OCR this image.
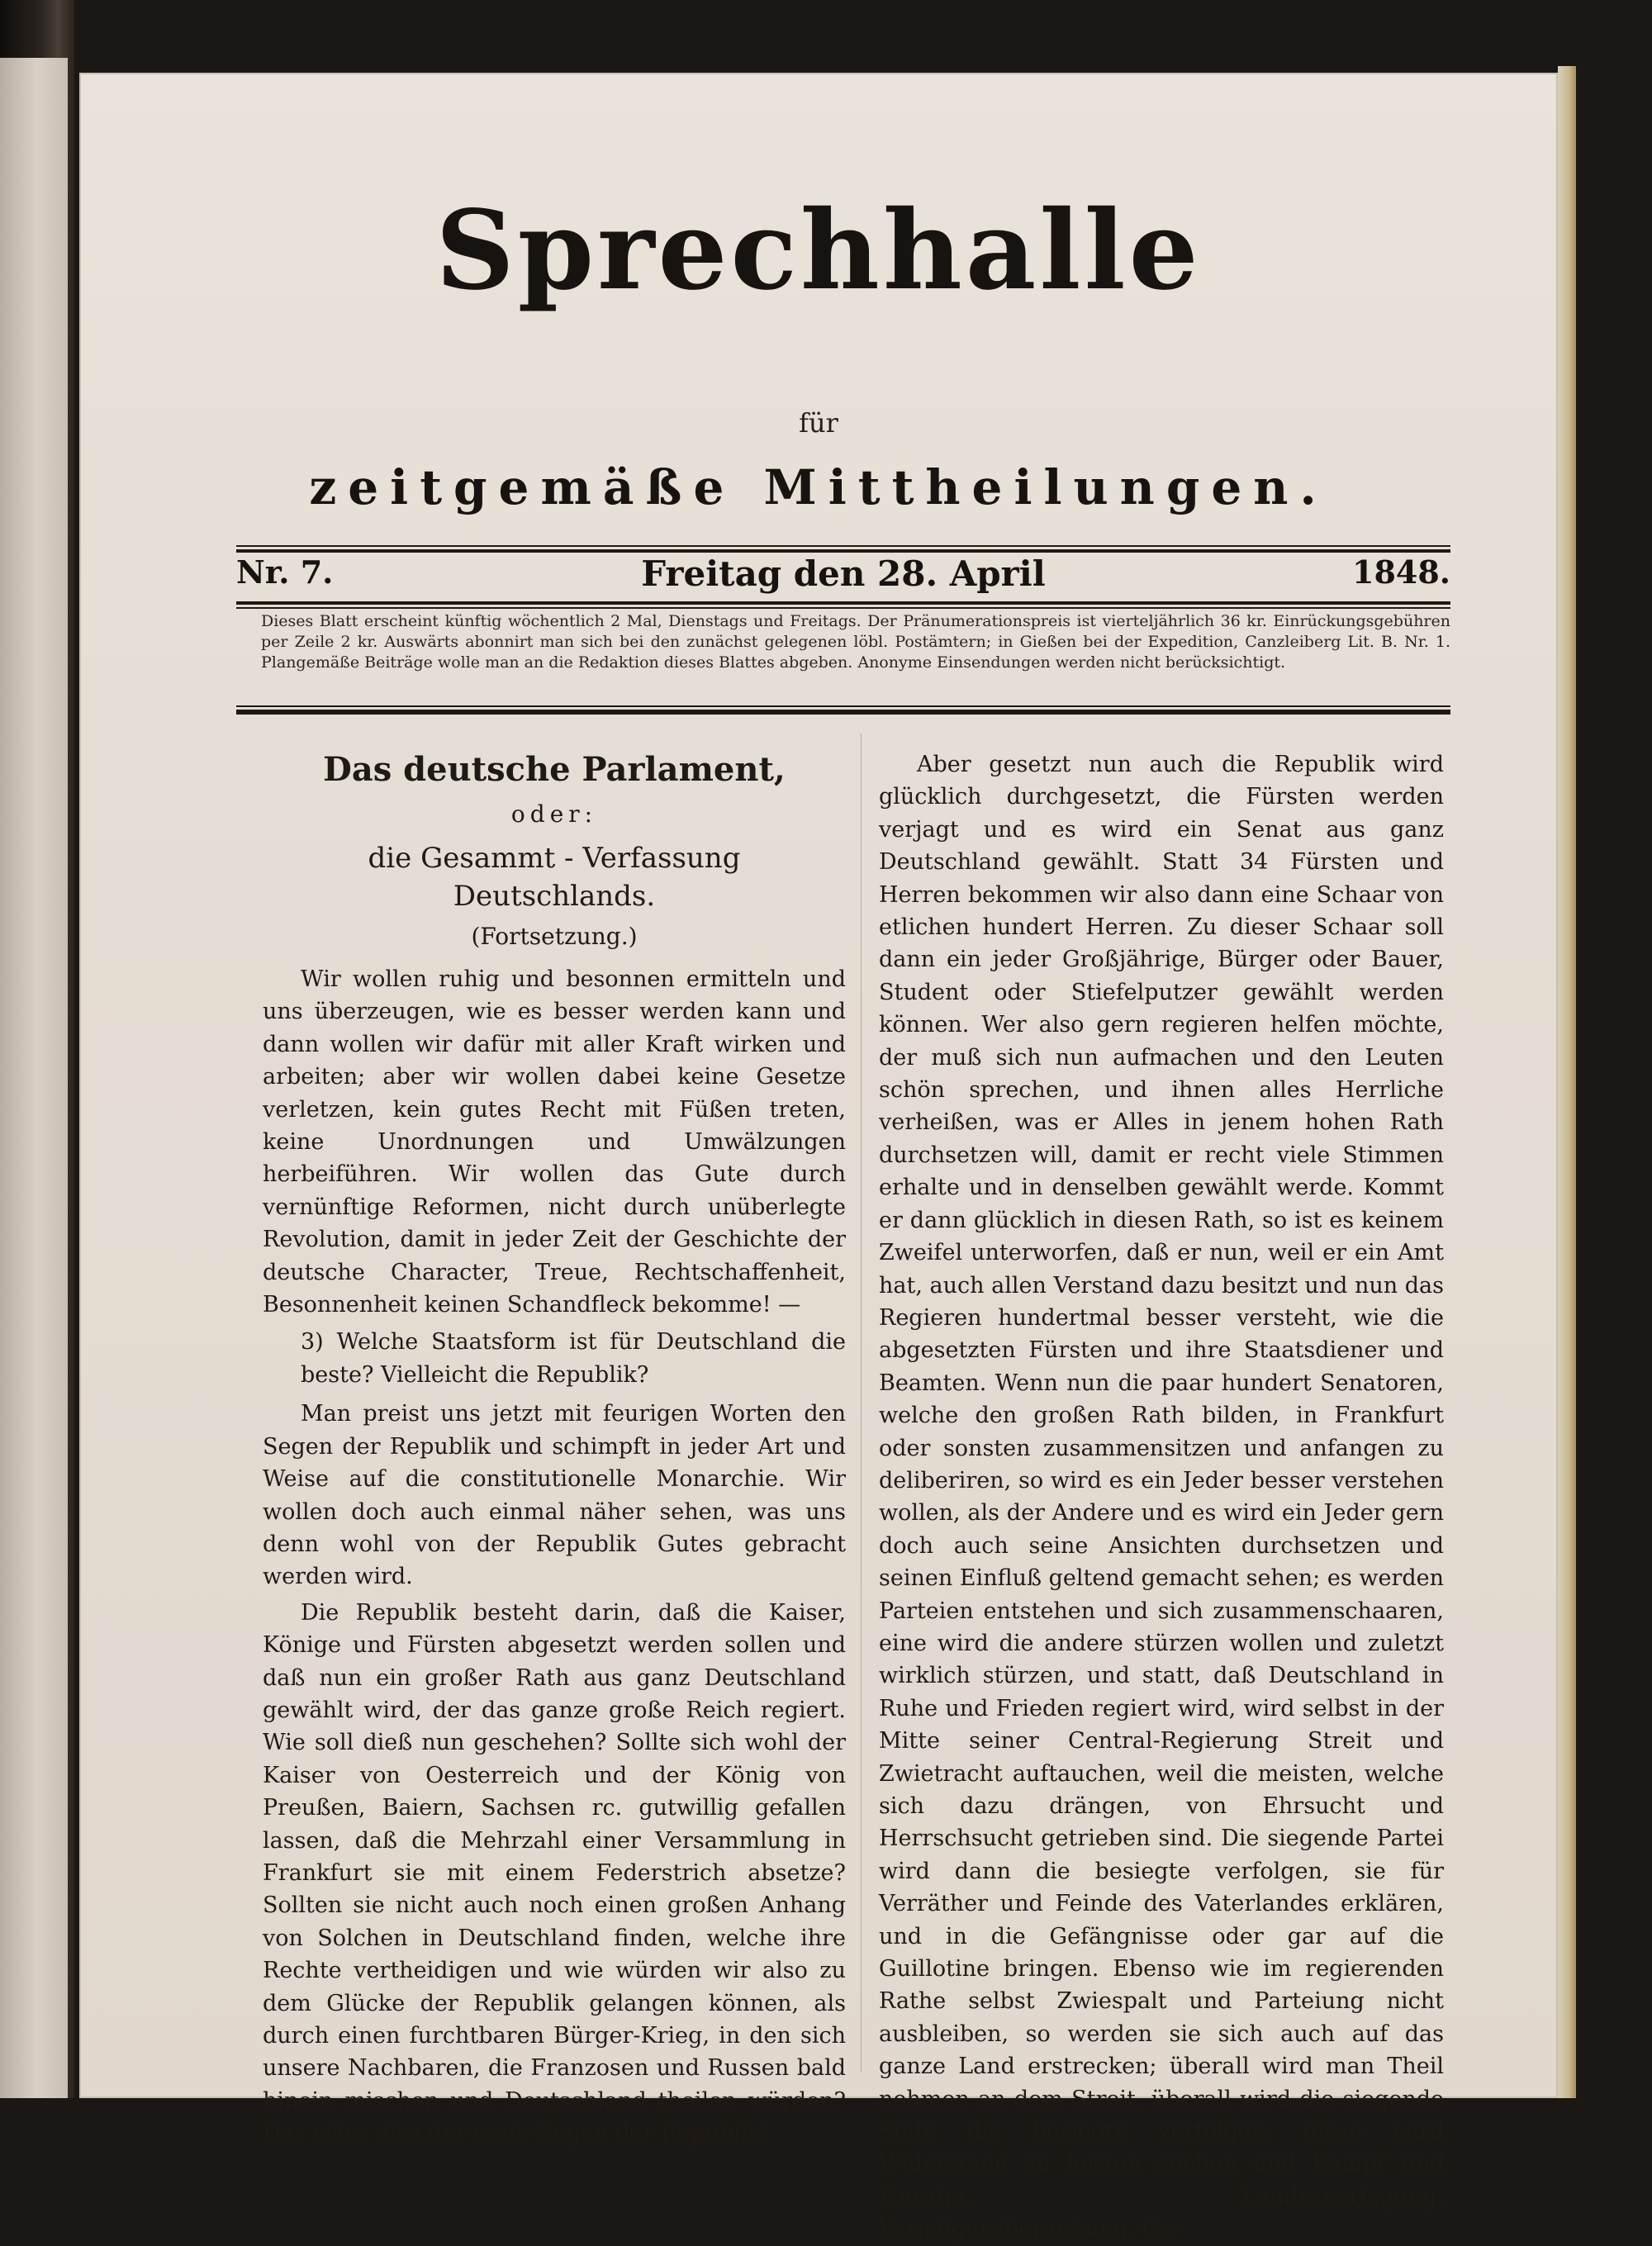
Sprechhalle
für
zeitgemäße Mittheilungen.
Nr. 7.	Freitag den 28. April	1848.
Dieses Blatt erscheint künftig wöchentlich 2 Mal, Dienstags und Freitags. Der Pränumerationspreis ist vierteljährlich 36 kr. Einrückungsgebühren per Zeile 2 kr. Auswärts abonnirt man sich bei den zunächst gelegenen löbl. Postämtern; in Gießen bei der Expedition, Canzleiberg Lit. B. Nr. 1. Plangemäße Beiträge wolle man an die Redaktion dieses Blattes abgeben. Anonyme Einsendungen werden nicht berücksichtigt.
Das deutsche Parlament,
oder:
die Gesammt - Verfassung Deutschlands.
(Fortsetzung.)

Wir wollen ruhig und besonnen ermitteln und uns überzeugen, wie es besser werden kann und dann wollen wir dafür mit aller Kraft wirken und arbeiten; aber wir wollen dabei keine Gesetze verletzen, kein gutes Recht mit Füßen treten, keine Unordnungen und Umwälzungen herbeiführen. Wir wollen das Gute durch vernünftige Reformen, nicht durch unüberlegte Revolution, damit in jeder Zeit der Geschichte der deutsche Character, Treue, Rechtschaffenheit, Besonnenheit keinen Schandfleck bekomme! —

3) Welche Staatsform ist für Deutschland die beste? Vielleicht die Republik?

Man preist uns jetzt mit feurigen Worten den Segen der Republik und schimpft in jeder Art und Weise auf die constitutionelle Monarchie. Wir wollen doch auch einmal näher sehen, was uns denn wohl von der Republik Gutes gebracht werden wird.

Die Republik besteht darin, daß die Kaiser, Könige und Fürsten abgesetzt werden sollen und daß nun ein großer Rath aus ganz Deutschland gewählt wird, der das ganze große Reich regiert. Wie soll dieß nun geschehen? Sollte sich wohl der Kaiser von Oesterreich und der König von Preußen, Baiern, Sachsen rc. gutwillig gefallen lassen, daß die Mehrzahl einer Versammlung in Frankfurt sie mit einem Federstrich absetze? Sollten sie nicht auch noch einen großen Anhang von Solchen in Deutschland finden, welche ihre Rechte vertheidigen und wie würden wir also zu dem Glücke der Republik gelangen können, als durch einen furchtbaren Bürger-Krieg, in den sich unsere Nachbaren, die Franzosen und Russen bald hinein mischen und Deutschland theilen würden? Das wäre also der erste Segen der Republik!

Aber gesetzt nun auch die Republik wird glücklich durchgesetzt, die Fürsten werden verjagt und es wird ein Senat aus ganz Deutschland gewählt. Statt 34 Fürsten und Herren bekommen wir also dann eine Schaar von etlichen hundert Herren. Zu dieser Schaar soll dann ein jeder Großjährige, Bürger oder Bauer, Student oder Stiefelputzer gewählt werden können. Wer also gern regieren helfen möchte, der muß sich nun aufmachen und den Leuten schön sprechen, und ihnen alles Herrliche verheißen, was er Alles in jenem hohen Rath durchsetzen will, damit er recht viele Stimmen erhalte und in denselben gewählt werde. Kommt er dann glücklich in diesen Rath, so ist es keinem Zweifel unterworfen, daß er nun, weil er ein Amt hat, auch allen Verstand dazu besitzt und nun das Regieren hundertmal besser versteht, wie die abgesetzten Fürsten und ihre Staatsdiener und Beamten. Wenn nun die paar hundert Senatoren, welche den großen Rath bilden, in Frankfurt oder sonsten zusammensitzen und anfangen zu deliberiren, so wird es ein Jeder besser verstehen wollen, als der Andere und es wird ein Jeder gern doch auch seine Ansichten durchsetzen und seinen Einfluß geltend gemacht sehen; es werden Parteien entstehen und sich zusammenschaaren, eine wird die andere stürzen wollen und zuletzt wirklich stürzen, und statt, daß Deutschland in Ruhe und Frieden regiert wird, wird selbst in der Mitte seiner Central-Regierung Streit und Zwietracht auftauchen, weil die meisten, welche sich dazu drängen, von Ehrsucht und Herrschsucht getrieben sind. Die siegende Partei wird dann die besiegte verfolgen, sie für Verräther und Feinde des Vaterlandes erklären, und in die Gefängnisse oder gar auf die Guillotine bringen. Ebenso wie im regierenden Rathe selbst Zwiespalt und Parteiung nicht ausbleiben, so werden sie sich auch auf das ganze Land erstrecken; überall wird man Theil nehmen an dem Streit, überall wird die siegende Seite die besiegte verfolgen; diese wird Widerstand zu leisten suchen und Kampf und Unruhe, Landesverjagung, Vermögensberaubung, Ge-
